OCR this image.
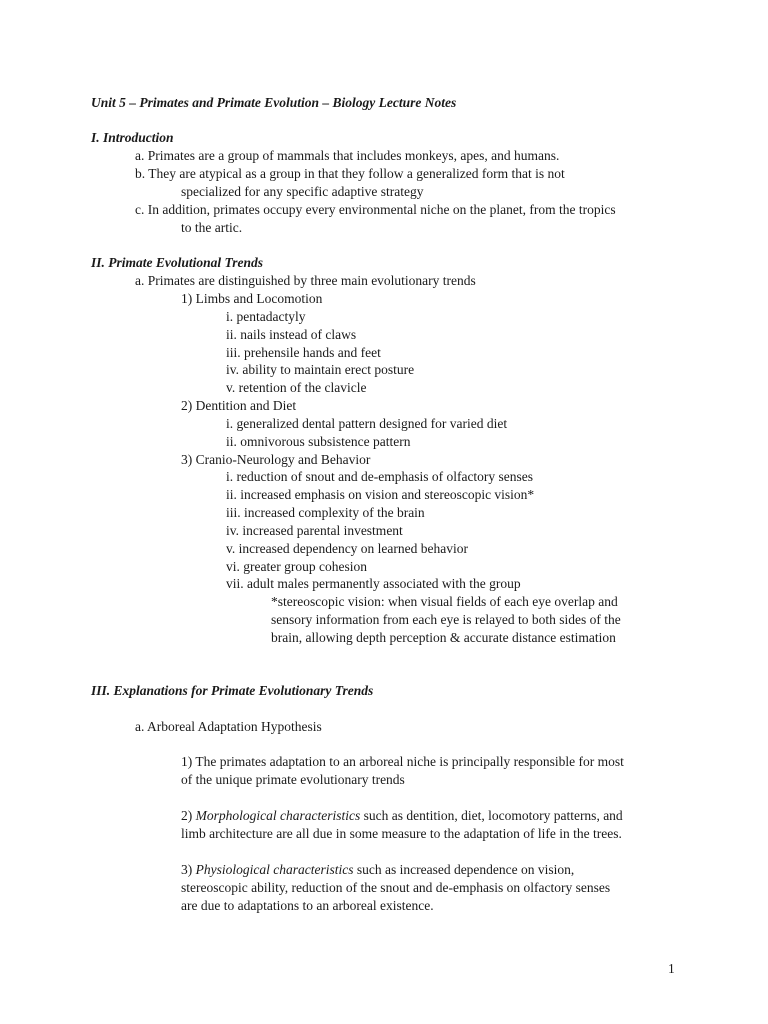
Unit 5 – Primates and Primate Evolution – Biology Lecture Notes
I. Introduction
a. Primates are a group of mammals that includes monkeys, apes, and humans.
b. They are atypical as a group in that they follow a generalized form that is not
specialized for any specific adaptive strategy
c. In addition, primates occupy every environmental niche on the planet, from the tropics
to the artic.
II. Primate Evolutional Trends
a. Primates are distinguished by three main evolutionary trends
1) Limbs and Locomotion
i. pentadactyly
ii. nails instead of claws
iii. prehensile hands and feet
iv. ability to maintain erect posture
v. retention of the clavicle
2) Dentition and Diet
i. generalized dental pattern designed for varied diet
ii. omnivorous subsistence pattern
3) Cranio-Neurology and Behavior
i. reduction of snout and de-emphasis of olfactory senses
ii. increased emphasis on vision and stereoscopic vision*
iii. increased complexity of the brain
iv. increased parental investment
v. increased dependency on learned behavior
vi. greater group cohesion
vii. adult males permanently associated with the group
*stereoscopic vision: when visual fields of each eye overlap and
sensory information from each eye is relayed to both sides of the
brain, allowing depth perception & accurate distance estimation
III. Explanations for Primate Evolutionary Trends
a. Arboreal Adaptation Hypothesis
1) The primates adaptation to an arboreal niche is principally responsible for most
of the unique primate evolutionary trends
2) Morphological characteristics such as dentition, diet, locomotory patterns, and
limb architecture are all due in some measure to the adaptation of life in the trees.
3) Physiological characteristics such as increased dependence on vision,
stereoscopic ability, reduction of the snout and de-emphasis on olfactory senses
are due to adaptations to an arboreal existence.
1
